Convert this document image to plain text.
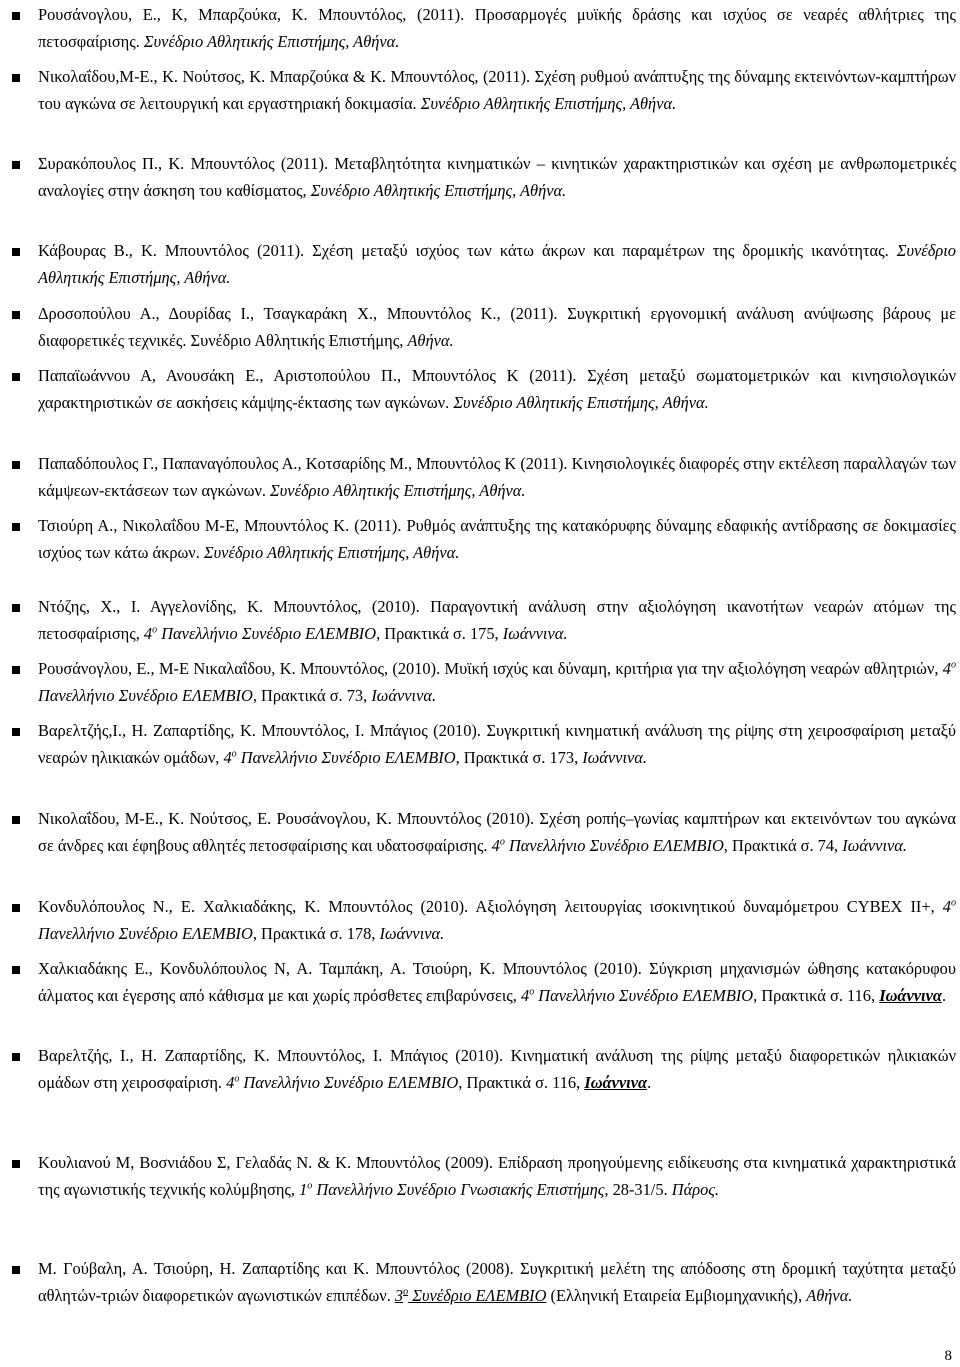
Ρουσάνογλου, Ε., Κ, Μπαρζούκα, Κ. Μπουντόλος, (2011). Προσαρμογές μυϊκής δράσης και ισχύος σε νεαρές αθλήτριες της πετοσφαίρισης. Συνέδριο Αθλητικής Επιστήμης, Αθήνα.
Νικολαΐδου,Μ-Ε., Κ. Νούτσος, Κ. Μπαρζούκα & Κ. Μπουντόλος, (2011). Σχέση ρυθμού ανάπτυξης της δύναμης εκτεινόντων-καμπτήρων του αγκώνα σε λειτουργική και εργαστηριακή δοκιμασία. Συνέδριο Αθλητικής Επιστήμης, Αθήνα.
Συρακόπουλος Π., Κ. Μπουντόλος (2011). Μεταβλητότητα κινηματικών – κινητικών χαρακτηριστικών και σχέση με ανθρωπομετρικές αναλογίες στην άσκηση του καθίσματος, Συνέδριο Αθλητικής Επιστήμης, Αθήνα.
Κάβουρας Β., Κ. Μπουντόλος (2011). Σχέση μεταξύ ισχύος των κάτω άκρων και παραμέτρων της δρομικής ικανότητας. Συνέδριο Αθλητικής Επιστήμης, Αθήνα.
Δροσοπούλου Α., Δουρίδας Ι., Τσαγκαράκη Χ., Μπουντόλος Κ., (2011). Συγκριτική εργονομική ανάλυση ανύψωσης βάρους με διαφορετικές τεχνικές. Συνέδριο Αθλητικής Επιστήμης, Αθήνα.
Παπαϊωάννου Α, Ανουσάκη Ε., Αριστοπούλου Π., Μπουντόλος Κ (2011). Σχέση μεταξύ σωματομετρικών και κινησιολογικών χαρακτηριστικών σε ασκήσεις κάμψης-έκτασης των αγκώνων. Συνέδριο Αθλητικής Επιστήμης, Αθήνα.
Παπαδόπουλος Γ., Παπαναγόπουλος Α., Κοτσαρίδης Μ., Μπουντόλος Κ (2011). Κινησιολογικές διαφορές στην εκτέλεση παραλλαγών των κάμψεων-εκτάσεων των αγκώνων. Συνέδριο Αθλητικής Επιστήμης, Αθήνα.
Τσιούρη Α., Νικολαΐδου Μ-Ε, Μπουντόλος Κ. (2011). Ρυθμός ανάπτυξης της κατακόρυφης δύναμης εδαφικής αντίδρασης σε δοκιμασίες ισχύος των κάτω άκρων. Συνέδριο Αθλητικής Επιστήμης, Αθήνα.
Ντόζης, Χ., Ι. Αγγελονίδης, Κ. Μπουντόλος, (2010). Παραγοντική ανάλυση στην αξιολόγηση ικανοτήτων νεαρών ατόμων της πετοσφαίρισης, $4^o$ Πανελλήνιο Συνέδριο ΕΛΕΜΒΙΟ, Πρακτικά σ. 175, Ιωάννινα.
Ρουσάνογλου, Ε., Μ-Ε Νικαλαΐδου, Κ. Μπουντόλος, (2010). Μυϊκή ισχύς και δύναμη, κριτήρια για την αξιολόγηση νεαρών αθλητριών, $4^o$ Πανελλήνιο Συνέδριο ΕΛΕΜΒΙΟ, Πρακτικά σ. 73, Ιωάννινα.
Βαρελτζής,Ι., Η. Ζαπαρτίδης, Κ. Μπουντόλος, Ι. Μπάγιος (2010). Συγκριτική κινηματική ανάλυση της ρίψης στη χειροσφαίριση μεταξύ νεαρών ηλικιακών ομάδων, $4^o$ Πανελλήνιο Συνέδριο ΕΛΕΜΒΙΟ, Πρακτικά σ. 173, Ιωάννινα.
Νικολαΐδου, Μ-Ε., Κ. Νούτσος, Ε. Ρουσάνογλου, Κ. Μπουντόλος (2010). Σχέση ροπής–γωνίας καμπτήρων και εκτεινόντων του αγκώνα σε άνδρες και έφηβους αθλητές πετοσφαίρισης και υδατοσφαίρισης. $4^o$ Πανελλήνιο Συνέδριο ΕΛΕΜΒΙΟ, Πρακτικά σ. 74, Ιωάννινα.
Κονδυλόπουλος Ν., Ε. Χαλκιαδάκης, Κ. Μπουντόλος (2010). Αξιολόγηση λειτουργίας ισοκινητικού δυναμόμετρου CYBEX II+, $4^o$ Πανελλήνιο Συνέδριο ΕΛΕΜΒΙΟ, Πρακτικά σ. 178, Ιωάννινα.
Χαλκιαδάκης Ε., Κονδυλόπουλος Ν, Α. Ταμπάκη, Α. Τσιούρη, Κ. Μπουντόλος (2010). Σύγκριση μηχανισμών ώθησης κατακόρυφου άλματος και έγερσης από κάθισμα με και χωρίς πρόσθετες επιβαρύνσεις, $4^o$ Πανελλήνιο Συνέδριο ΕΛΕΜΒΙΟ, Πρακτικά σ. 116, Ιωάννινα.
Βαρελτζής, Ι., Η. Ζαπαρτίδης, Κ. Μπουντόλος, Ι. Μπάγιος (2010). Κινηματική ανάλυση της ρίψης μεταξύ διαφορετικών ηλικιακών ομάδων στη χειροσφαίριση. $4^o$ Πανελλήνιο Συνέδριο ΕΛΕΜΒΙΟ, Πρακτικά σ. 116, Ιωάννινα.
Κουλιανού Μ, Βοσνιάδου Σ, Γελαδάς Ν. & Κ. Μπουντόλος (2009). Επίδραση προηγούμενης ειδίκευσης στα κινηματικά χαρακτηριστικά της αγωνιστικής τεχνικής κολύμβησης, $1^o$ Πανελλήνιο Συνέδριο Γνωσιακής Επιστήμης, 28-31/5. Πάρος.
Μ. Γούβαλη, Α. Τσιούρη, Η. Ζαπαρτίδης και Κ. Μπουντόλος (2008). Συγκριτική μελέτη της απόδοσης στη δρομική ταχύτητα μεταξύ αθλητών-τριών διαφορετικών αγωνιστικών επιπέδων. $3^o$ Συνέδριο ΕΛΕΜΒΙΟ (Ελληνική Εταιρεία Εμβιομηχανικής), Αθήνα.
8
